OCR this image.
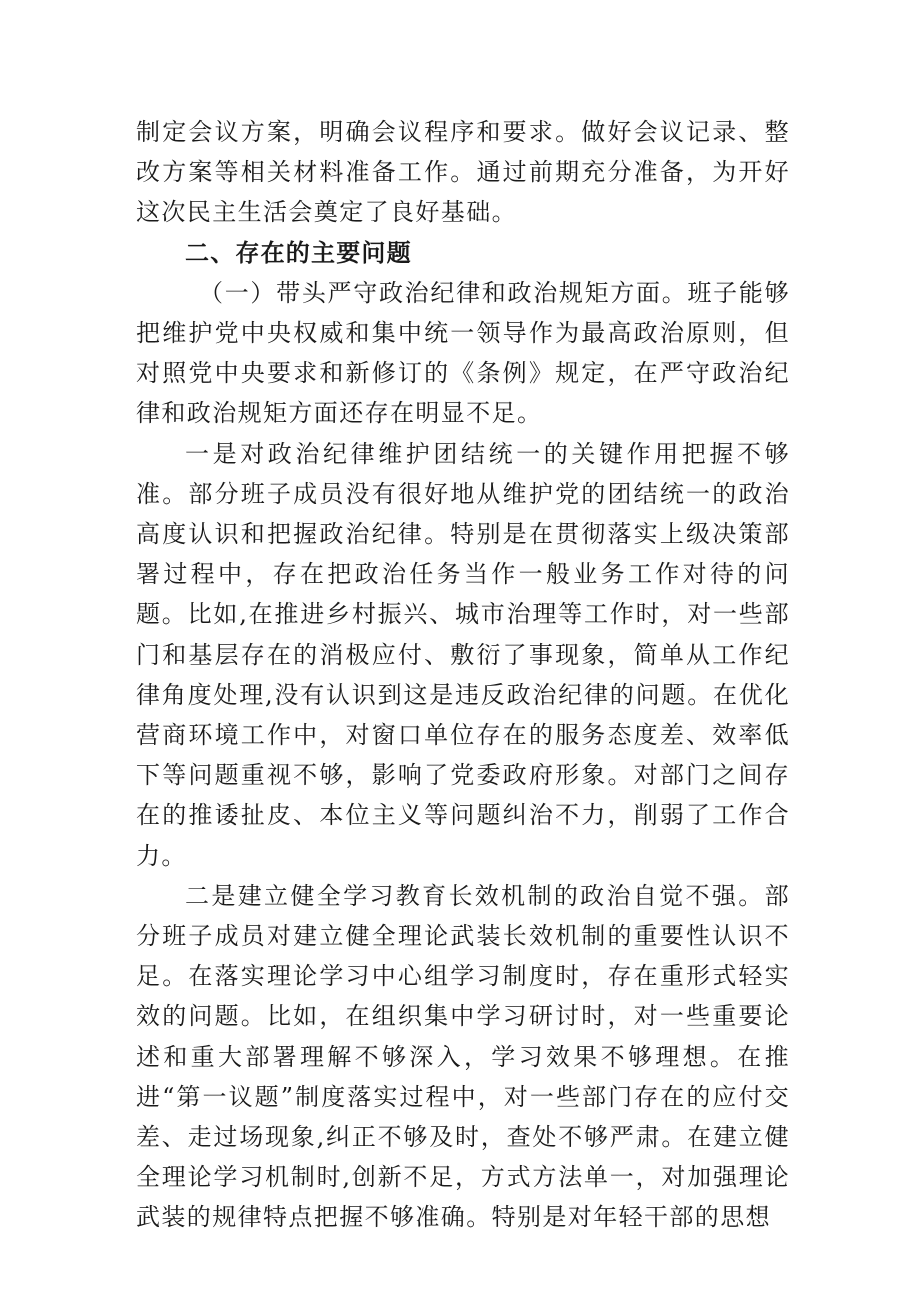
制定会议方案，明确会议程序和要求。做好会议记录、整改方案等相关材料准备工作。通过前期充分准备，为开好这次民主生活会奠定了良好基础。

二、存在的主要问题

（一）带头严守政治纪律和政治规矩方面。班子能够把维护党中央权威和集中统一领导作为最高政治原则，但对照党中央要求和新修订的《条例》规定，在严守政治纪律和政治规矩方面还存在明显不足。

一是对政治纪律维护团结统一的关键作用把握不够准。部分班子成员没有很好地从维护党的团结统一的政治高度认识和把握政治纪律。特别是在贯彻落实上级决策部署过程中，存在把政治任务当作一般业务工作对待的问题。比如,在推进乡村振兴、城市治理等工作时，对一些部门和基层存在的消极应付、敷衍了事现象，简单从工作纪律角度处理,没有认识到这是违反政治纪律的问题。在优化营商环境工作中，对窗口单位存在的服务态度差、效率低下等问题重视不够，影响了党委政府形象。对部门之间存在的推诿扯皮、本位主义等问题纠治不力，削弱了工作合力。

二是建立健全学习教育长效机制的政治自觉不强。部分班子成员对建立健全理论武装长效机制的重要性认识不足。在落实理论学习中心组学习制度时，存在重形式轻实效的问题。比如，在组织集中学习研讨时，对一些重要论述和重大部署理解不够深入，学习效果不够理想。在推进“第一议题”制度落实过程中，对一些部门存在的应付交差、走过场现象,纠正不够及时，查处不够严肃。在建立健全理论学习机制时,创新不足，方式方法单一，对加强理论武装的规律特点把握不够准确。特别是对年轻干部的思想
